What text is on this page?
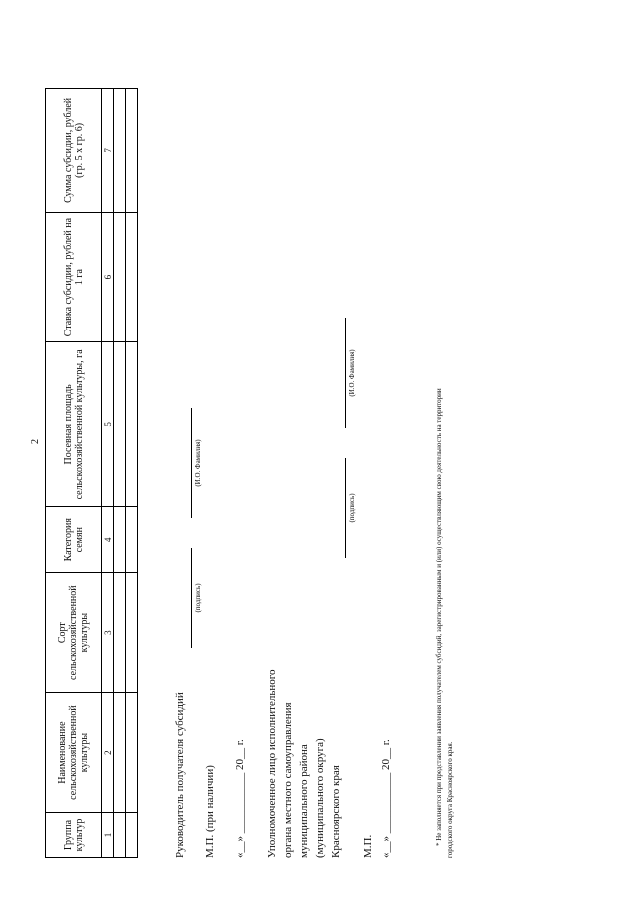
2
Группа культур	Наименование сельскохозяйственной культуры	Сорт сельскохозяйственной культуры	Категория семян	Посевная площадь сельскохозяйственной культуры, га	Ставка субсидии, рублей на 1 га	Сумма субсидии, рублей (гр. 5 х гр. 6)
1	2	3	4	5	6	7

Руководитель получателя субсидий
(подпись)
(И.О. Фамилия)
М.П. (при наличии) «__» ___________ 20__ г. Уполномоченное лицо исполнительного органа местного самоуправления муниципального района (муниципального округа) Красноярского края
(подпись)
(И.О. Фамилия)
М.П. «__» ___________ 20__ г.	* Не заполняется при представлении заявления получателем субсидий, зарегистрированным и (или) осуществляющим свою деятельность на территории городского округа Красноярского края.
